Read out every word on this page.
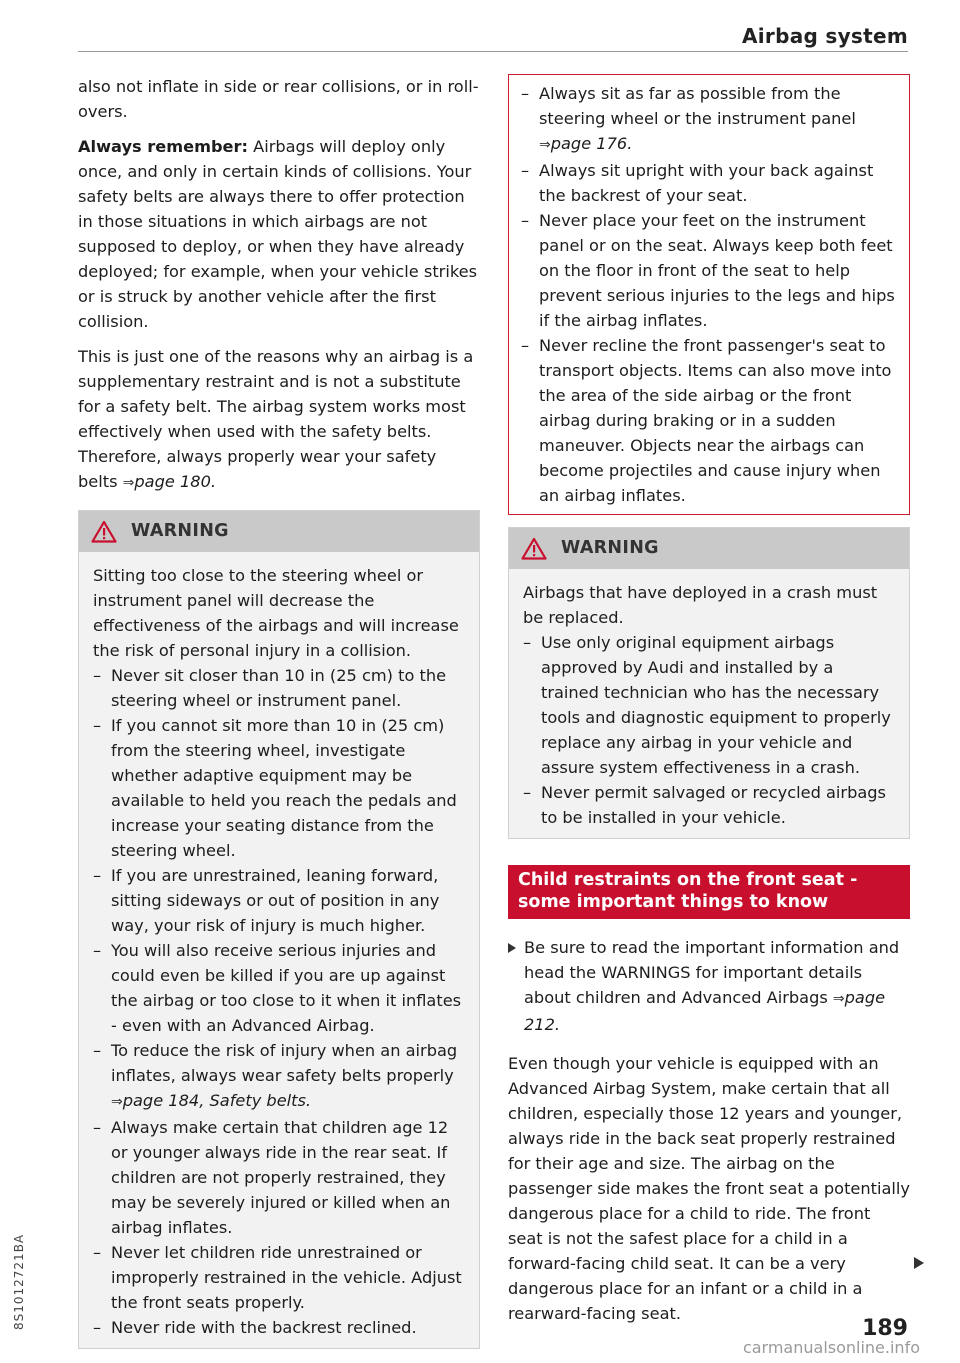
Airbag system

also not inflate in side or rear collisions, or in roll-overs.

Always remember: Airbags will deploy only once, and only in certain kinds of collisions. Your safety belts are always there to offer protection in those situations in which airbags are not supposed to deploy, or when they have already deployed; for example, when your vehicle strikes or is struck by another vehicle after the first collision.

This is just one of the reasons why an airbag is a supplementary restraint and is not a substitute for a safety belt. The airbag system works most effectively when used with the safety belts. Therefore, always properly wear your safety belts ⇒page 180.

WARNING

Sitting too close to the steering wheel or instrument panel will decrease the effectiveness of the airbags and will increase the risk of personal injury in a collision.

– Never sit closer than 10 in (25 cm) to the steering wheel or instrument panel.
– If you cannot sit more than 10 in (25 cm) from the steering wheel, investigate whether adaptive equipment may be available to held you reach the pedals and increase your seating distance from the steering wheel.
– If you are unrestrained, leaning forward, sitting sideways or out of position in any way, your risk of injury is much higher.
– You will also receive serious injuries and could even be killed if you are up against the airbag or too close to it when it inflates - even with an Advanced Airbag.
– To reduce the risk of injury when an airbag inflates, always wear safety belts properly ⇒page 184, Safety belts.
– Always make certain that children age 12 or younger always ride in the rear seat. If children are not properly restrained, they may be severely injured or killed when an airbag inflates.
– Never let children ride unrestrained or improperly restrained in the vehicle. Adjust the front seats properly.
– Never ride with the backrest reclined.
– Always sit as far as possible from the steering wheel or the instrument panel ⇒page 176.
– Always sit upright with your back against the backrest of your seat.
– Never place your feet on the instrument panel or on the seat. Always keep both feet on the floor in front of the seat to help prevent serious injuries to the legs and hips if the airbag inflates.
– Never recline the front passenger's seat to transport objects. Items can also move into the area of the side airbag or the front airbag during braking or in a sudden maneuver. Objects near the airbags can become projectiles and cause injury when an airbag inflates.
WARNING

Airbags that have deployed in a crash must be replaced.

– Use only original equipment airbags approved by Audi and installed by a trained technician who has the necessary tools and diagnostic equipment to properly replace any airbag in your vehicle and assure system effectiveness in a crash.
– Never permit salvaged or recycled airbags to be installed in your vehicle.
Child restraints on the front seat - some important things to know
Be sure to read the important information and head the WARNINGS for important details about children and Advanced Airbags ⇒page 212.

Even though your vehicle is equipped with an Advanced Airbag System, make certain that all children, especially those 12 years and younger, always ride in the back seat properly restrained for their age and size. The airbag on the passenger side makes the front seat a potentially dangerous place for a child to ride. The front seat is not the safest place for a child in a forward-facing child seat. It can be a very dangerous place for an infant or a child in a rearward-facing seat.

189
8S1012721BA
carmanualsonline.info
